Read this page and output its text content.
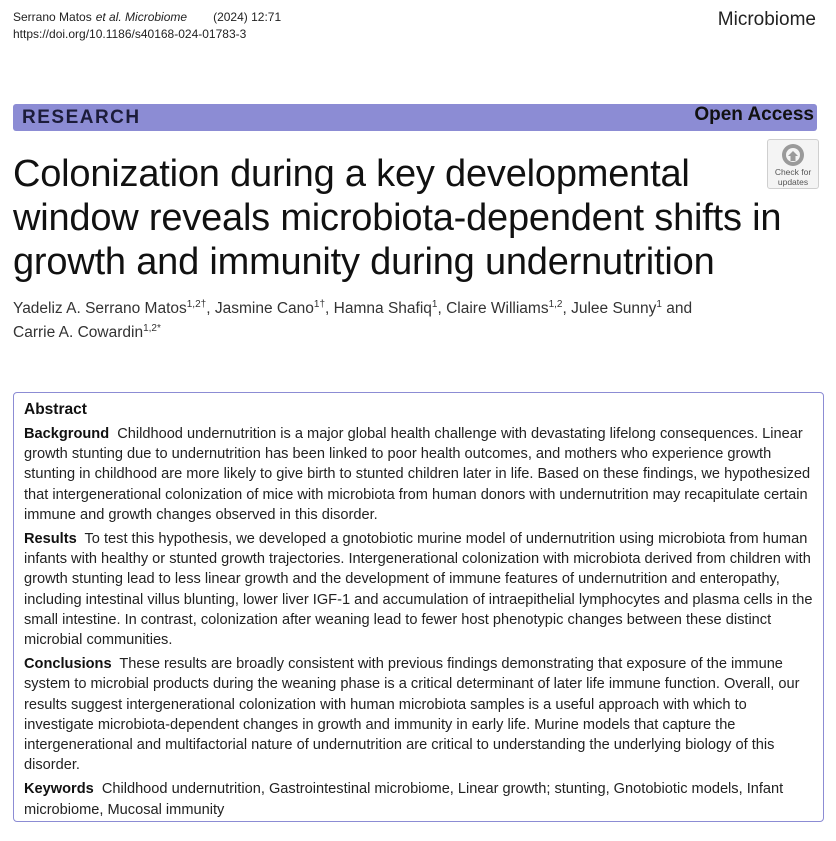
Serrano Matos et al. Microbiome (2024) 12:71
https://doi.org/10.1186/s40168-024-01783-3
Microbiome
RESEARCH	Open Access
Check for
updates
Colonization during a key developmental window reveals microbiota-dependent shifts in growth and immunity during undernutrition
Yadeliz A. Serrano Matos$^{1,2\dagger}$, Jasmine Cano$^{1\dagger}$, Hamna Shafiq$^1$, Claire Williams$^{1,2}$, Julee Sunny$^1$ and
Carrie A. Cowardin$^{1,2*}$
Abstract

Background Childhood undernutrition is a major global health challenge with devastating lifelong consequences. Linear growth stunting due to undernutrition has been linked to poor health outcomes, and mothers who experience growth stunting in childhood are more likely to give birth to stunted children later in life. Based on these findings, we hypothesized that intergenerational colonization of mice with microbiota from human donors with undernutrition may recapitulate certain immune and growth changes observed in this disorder.

Results To test this hypothesis, we developed a gnotobiotic murine model of undernutrition using microbiota from human infants with healthy or stunted growth trajectories. Intergenerational colonization with microbiota derived from children with growth stunting lead to less linear growth and the development of immune features of undernutrition and enteropathy, including intestinal villus blunting, lower liver IGF-1 and accumulation of intraepithelial lymphocytes and plasma cells in the small intestine. In contrast, colonization after weaning lead to fewer host phenotypic changes between these distinct microbial communities.

Conclusions These results are broadly consistent with previous findings demonstrating that exposure of the immune system to microbial products during the weaning phase is a critical determinant of later life immune function. Overall, our results suggest intergenerational colonization with human microbiota samples is a useful approach with which to investigate microbiota-dependent changes in growth and immunity in early life. Murine models that capture the intergenerational and multifactorial nature of undernutrition are critical to understanding the underlying biology of this disorder.

Keywords Childhood undernutrition, Gastrointestinal microbiome, Linear growth; stunting, Gnotobiotic models, Infant microbiome, Mucosal immunity
